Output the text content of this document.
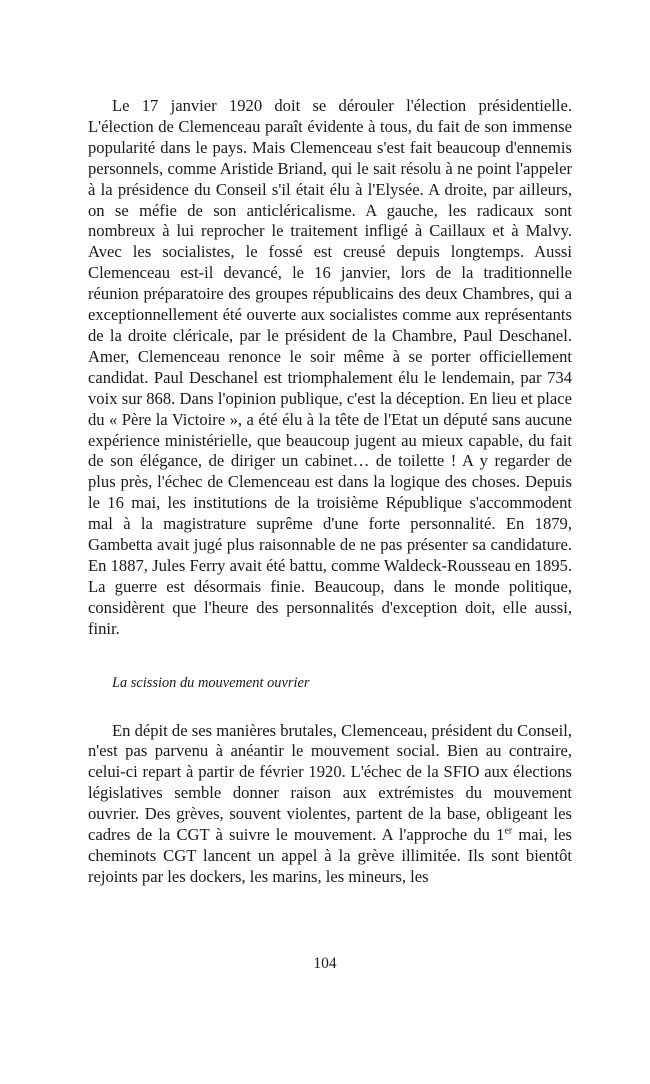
Le 17 janvier 1920 doit se dérouler l'élection présidentielle. L'élection de Clemenceau paraît évidente à tous, du fait de son immense popularité dans le pays. Mais Clemenceau s'est fait beaucoup d'ennemis personnels, comme Aristide Briand, qui le sait résolu à ne point l'appeler à la présidence du Conseil s'il était élu à l'Elysée. A droite, par ailleurs, on se méfie de son anticléricalisme. A gauche, les radicaux sont nombreux à lui reprocher le traitement infligé à Caillaux et à Malvy. Avec les socialistes, le fossé est creusé depuis longtemps. Aussi Clemenceau est-il devancé, le 16 janvier, lors de la traditionnelle réunion préparatoire des groupes républicains des deux Chambres, qui a exceptionnellement été ouverte aux socialistes comme aux représentants de la droite cléricale, par le président de la Chambre, Paul Deschanel. Amer, Clemenceau renonce le soir même à se porter officiellement candidat. Paul Deschanel est triomphalement élu le lendemain, par 734 voix sur 868. Dans l'opinion publique, c'est la déception. En lieu et place du « Père la Victoire », a été élu à la tête de l'Etat un député sans aucune expérience ministérielle, que beaucoup jugent au mieux capable, du fait de son élégance, de diriger un cabinet… de toilette ! A y regarder de plus près, l'échec de Clemenceau est dans la logique des choses. Depuis le 16 mai, les institutions de la troisième République s'accommodent mal à la magistrature suprême d'une forte personnalité. En 1879, Gambetta avait jugé plus raisonnable de ne pas présenter sa candidature. En 1887, Jules Ferry avait été battu, comme Waldeck-Rousseau en 1895. La guerre est désormais finie. Beaucoup, dans le monde politique, considèrent que l'heure des personnalités d'exception doit, elle aussi, finir.

La scission du mouvement ouvrier

En dépit de ses manières brutales, Clemenceau, président du Conseil, n'est pas parvenu à anéantir le mouvement social. Bien au contraire, celui-ci repart à partir de février 1920. L'échec de la SFIO aux élections législatives semble donner raison aux extrémistes du mouvement ouvrier. Des grèves, souvent violentes, partent de la base, obligeant les cadres de la CGT à suivre le mouvement. A l'approche du 1er mai, les cheminots CGT lancent un appel à la grève illimitée. Ils sont bientôt rejoints par les dockers, les marins, les mineurs, les

104
